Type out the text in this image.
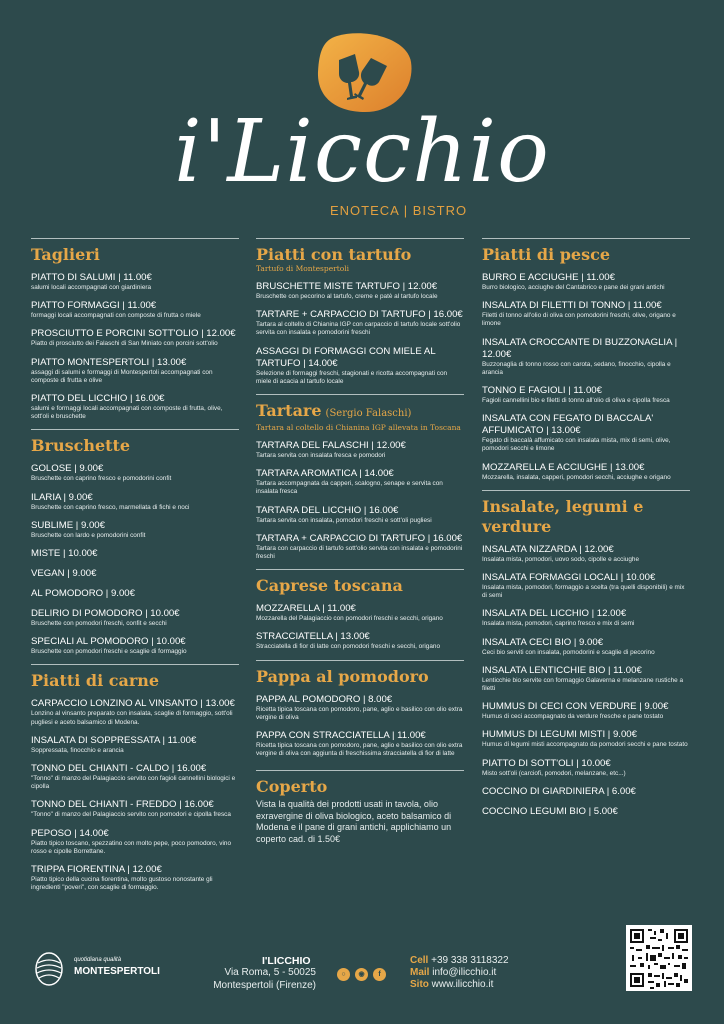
i'Licchio
ENOTECA | BISTRO
Taglieri
PIATTO DI SALUMI | 11.00€
salumi locali accompagnati con giardiniera
PIATTO FORMAGGI | 11.00€
formaggi locali accompagnati con composte di frutta o miele
PROSCIUTTO E PORCINI SOTT'OLIO | 12.00€
Piatto di prosciutto dei Falaschi di San Miniato con porcini sott'olio
PIATTO MONTESPERTOLI | 13.00€
assaggi di salumi e formaggi di Montespertoli accompagnati con composte di frutta e olive
PIATTO DEL LICCHIO | 16.00€
salumi e formaggi locali accompagnati con composte di frutta, olive, sott'oli e bruschette
Bruschette
GOLOSE | 9.00€
Bruschette con caprino fresco e pomodorini confit
ILARIA | 9.00€
Bruschette con caprino fresco, marmellata di fichi e noci
SUBLIME | 9.00€
Bruschette con lardo e pomodorini confit
MISTE | 10.00€
VEGAN | 9.00€
AL POMODORO | 9.00€
DELIRIO DI POMODORO | 10.00€
Bruschette con pomodori freschi, confit e secchi
SPECIALI AL POMODORO | 10.00€
Bruschette con pomodori freschi e scaglie di formaggio
Piatti di carne
CARPACCIO LONZINO AL VINSANTO | 13.00€
Lonzino al vinsanto preparato con insalata, scaglie di formaggio, sott'oli pugliesi e aceto balsamico di Modena.
INSALATA DI SOPPRESSATA | 11.00€
Soppressata, finocchio e arancia
TONNO DEL CHIANTI - CALDO | 16.00€
"Tonno" di manzo del Palagiaccio servito con fagioli cannellini biologici e cipolla
TONNO DEL CHIANTI - FREDDO | 16.00€
"Tonno" di manzo del Palagiaccio servito con pomodori e cipolla fresca
PEPOSO | 14.00€
Piatto tipico toscano, spezzatino con molto pepe, poco pomodoro, vino rosso e cipolle Borrettane.
TRIPPA FIORENTINA | 12.00€
Piatto tipico della cucina fiorentina, molto gustoso nonostante gli ingredienti "poveri", con scaglie di formaggio.
Piatti con tartufo
Tartufo di Montespertoli
BRUSCHETTE MISTE TARTUFO | 12.00€
Bruschette con pecorino al tartufo, creme e patè al tartufo locale
TARTARE + CARPACCIO DI TARTUFO | 16.00€
Tartara al coltello di Chianina IGP con carpaccio di tartufo locale sott'olio servita con insalata e pomodorini freschi
ASSAGGI DI FORMAGGI CON MIELE AL TARTUFO | 14.00€
Selezione di formaggi freschi, stagionati e ricotta accompagnati con miele di acacia al tartufo locale
Tartare (Sergio Falaschi)
Tartara al coltello di Chianina IGP allevata in Toscana
TARTARA DEL FALASCHI | 12.00€
Tartara servita con insalata fresca e pomodori
TARTARA AROMATICA | 14.00€
Tartara accompagnata da capperi, scalogno, senape e servita con insalata fresca
TARTARA DEL LICCHIO | 16.00€
Tartara servita con insalata, pomodori freschi e sott'oli pugliesi
TARTARA + CARPACCIO DI TARTUFO | 16.00€
Tartara con carpaccio di tartufo sott'olio servita con insalata e pomodorini freschi
Caprese toscana
MOZZARELLA | 11.00€
Mozzarella del Palagiaccio con pomodori freschi e secchi, origano
STRACCIATELLA | 13.00€
Stracciatella di fior di latte con pomodori freschi e secchi, origano
Pappa al pomodoro
PAPPA AL POMODORO | 8.00€
Ricetta tipica toscana con pomodoro, pane, aglio e basilico con olio extra vergine di oliva
PAPPA CON STRACCIATELLA | 11.00€
Ricetta tipica toscana con pomodoro, pane, aglio e basilico con olio extra vergine di oliva con aggiunta di freschissima stracciatella di fior di latte
Coperto
Vista la qualità dei prodotti usati in tavola, olio exravergine di oliva biologico, aceto balsamico di Modena e il pane di grani antichi, applichiamo un coperto cad. di 1.50€
Piatti di pesce
BURRO E ACCIUGHE | 11.00€
Burro biologico, acciughe del Cantabrico e pane dei grani antichi
INSALATA DI FILETTI DI TONNO | 11.00€
Filetti di tonno all'olio di oliva con pomodorini freschi, olive, origano e limone
INSALATA CROCCANTE DI BUZZONAGLIA | 12.00€
Buzzonaglia di tonno rosso con carota, sedano, finocchio, cipolla e arancia
TONNO E FAGIOLI | 11.00€
Fagioli cannellini bio e filetti di tonno all'olio di oliva e cipolla fresca
INSALATA CON FEGATO DI BACCALA' AFFUMICATO | 13.00€
Fegato di baccalà affumicato con insalata mista, mix di semi, olive, pomodori secchi e limone
MOZZARELLA E ACCIUGHE | 13.00€
Mozzarella, insalata, capperi, pomodori secchi, acciughe e origano
Insalate, legumi e verdure
INSALATA NIZZARDA | 12.00€
Insalata mista, pomodori, uovo sodo, cipolle e acciughe
INSALATA FORMAGGI LOCALI | 10.00€
Insalata mista, pomodori, formaggio a scelta (tra quelli disponibili) e mix di semi
INSALATA DEL LICCHIO | 12.00€
Insalata mista, pomodori, caprino fresco e mix di semi
INSALATA CECI BIO | 9.00€
Ceci bio serviti con insalata, pomodorini e scaglie di pecorino
INSALATA LENTICCHIE BIO | 11.00€
Lenticchie bio servite con formaggio Galaverna e melanzane rustiche a filetti
HUMMUS DI CECI CON VERDURE | 9.00€
Humus di ceci accompagnato da verdure fresche e pane tostato
HUMMUS DI LEGUMI MISTI | 9.00€
Humus di legumi misti accompagnato da pomodori secchi e pane tostato
PIATTO DI SOTT'OLI | 10.00€
Misto sott'oli (carciofi, pomodori, melanzane, etc...)
COCCINO DI GIARDINIERA | 6.00€
COCCINO LEGUMI BIO | 5.00€
quotidiana qualità
MONTESPERTOLI
I'LICCHIO
Via Roma, 5 - 50025
Montespertoli (Firenze)
○	◉	f
Cell +39 338 3118322
Mail info@ilicchio.it
Sito www.ilicchio.it
